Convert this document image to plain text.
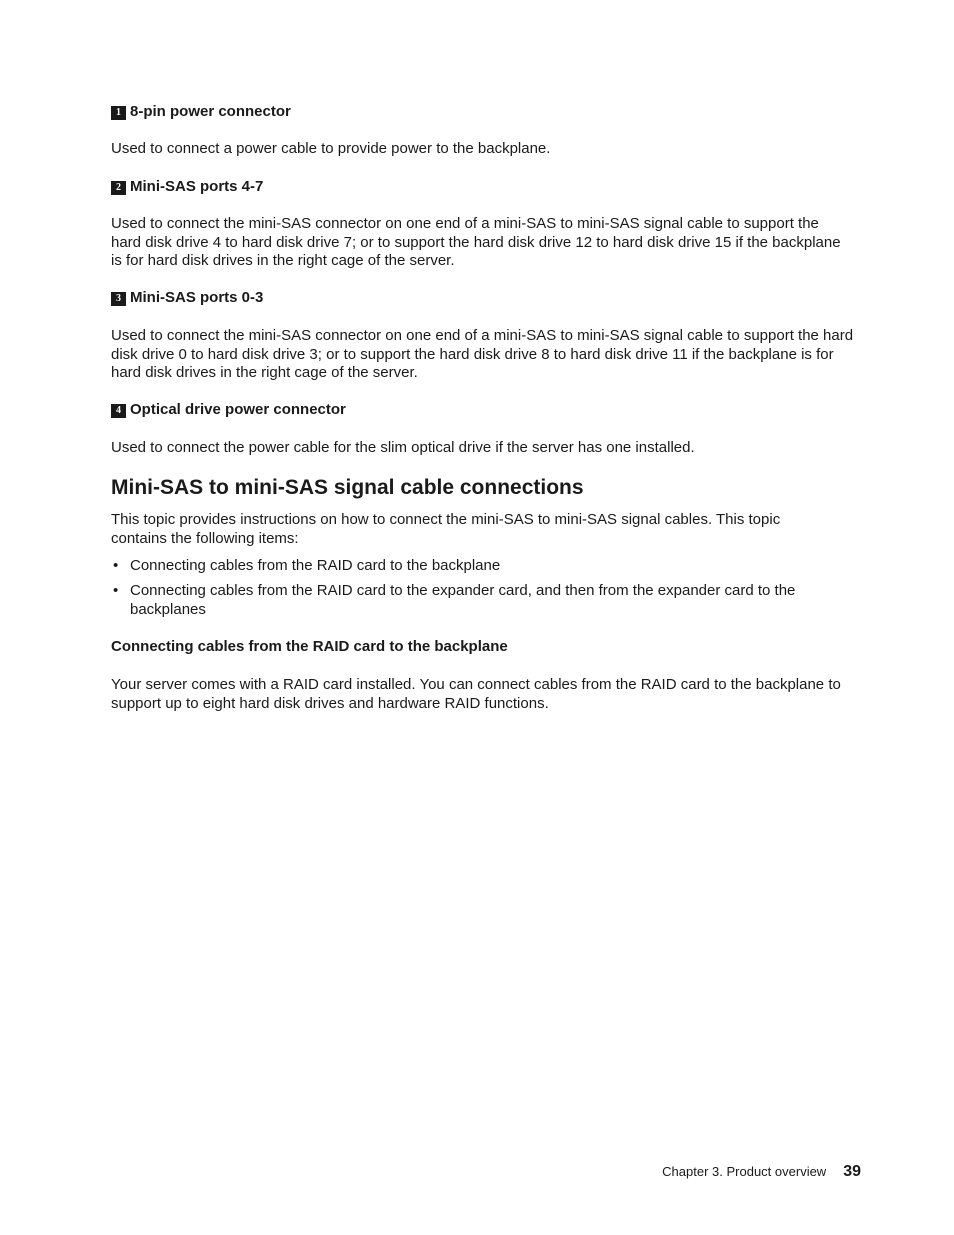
1 8-pin power connector
Used to connect a power cable to provide power to the backplane.
2 Mini-SAS ports 4-7
Used to connect the mini-SAS connector on one end of a mini-SAS to mini-SAS signal cable to support the hard disk drive 4 to hard disk drive 7; or to support the hard disk drive 12 to hard disk drive 15 if the backplane is for hard disk drives in the right cage of the server.
3 Mini-SAS ports 0-3
Used to connect the mini-SAS connector on one end of a mini-SAS to mini-SAS signal cable to support the hard disk drive 0 to hard disk drive 3; or to support the hard disk drive 8 to hard disk drive 11 if the backplane is for hard disk drives in the right cage of the server.
4 Optical drive power connector
Used to connect the power cable for the slim optical drive if the server has one installed.
Mini-SAS to mini-SAS signal cable connections
This topic provides instructions on how to connect the mini-SAS to mini-SAS signal cables. This topic contains the following items:
• Connecting cables from the RAID card to the backplane
• Connecting cables from the RAID card to the expander card, and then from the expander card to the backplanes
Connecting cables from the RAID card to the backplane
Your server comes with a RAID card installed. You can connect cables from the RAID card to the backplane to support up to eight hard disk drives and hardware RAID functions.
Chapter 3. Product overview 39
